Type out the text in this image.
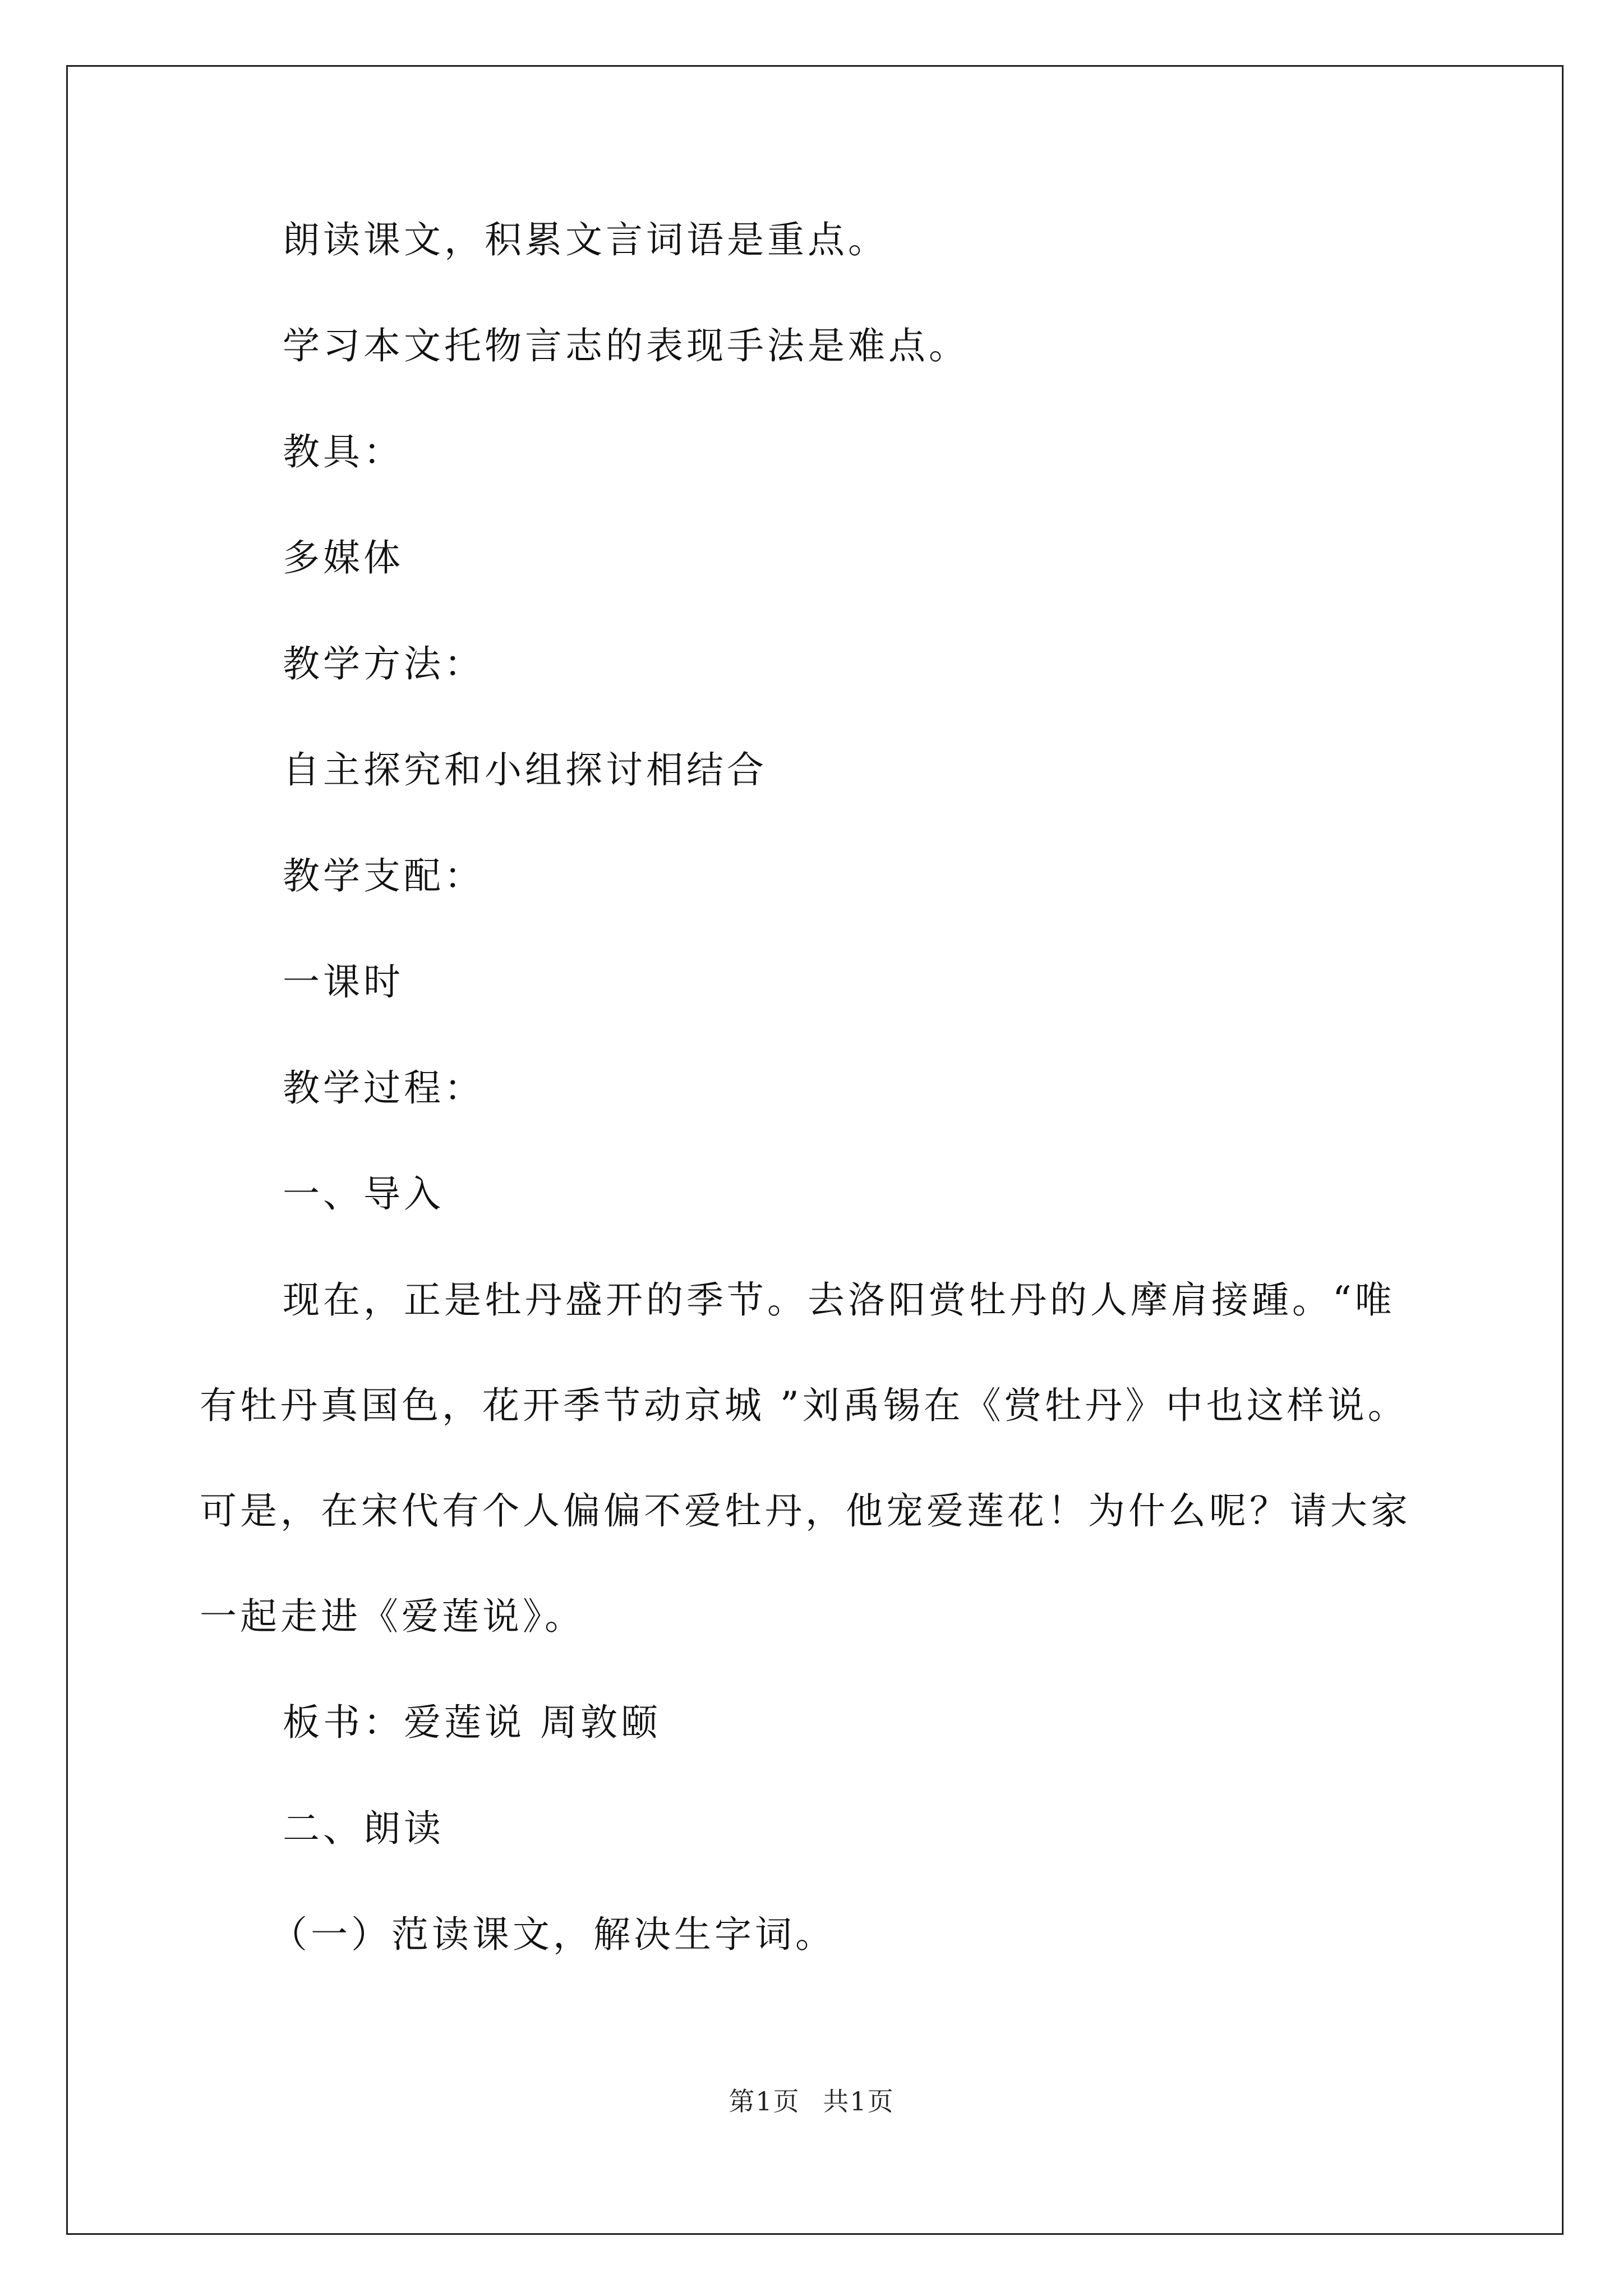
朗读课文，积累文言词语是重点。

学习本文托物言志的表现手法是难点。

教具：

多媒体

教学方法：

自主探究和小组探讨相结合

教学支配：

一课时

教学过程：

一、导入

现在，正是牡丹盛开的季节。去洛阳赏牡丹的人摩肩接踵。“唯有牡丹真国色，花开季节动京城 ”刘禹锡在《赏牡丹》中也这样说。可是，在宋代有个人偏偏不爱牡丹，他宠爱莲花！为什么呢？请大家一起走进《爱莲说》。

板书：爱莲说 周敦颐

二、朗读

（一）范读课文，解决生字词。

第1页 共1页
